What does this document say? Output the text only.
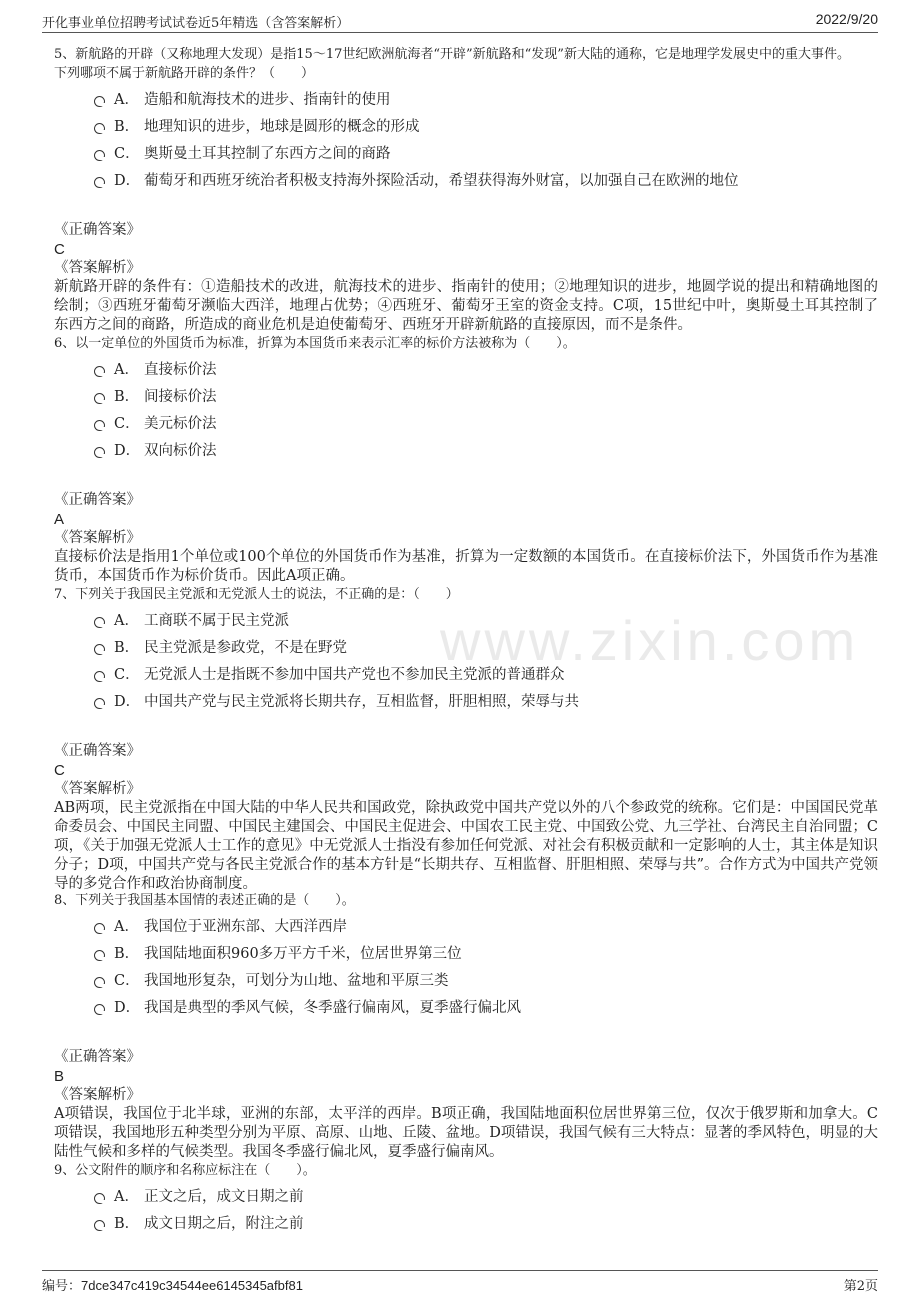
开化事业单位招聘考试试卷近5年精选（含答案解析）	2022/9/20
www.zixin.com
5、新航路的开辟（又称地理大发现）是指15～17世纪欧洲航海者“开辟”新航路和“发现”新大陆的通称，它是地理学发展史中的重大事件。下列哪项不属于新航路开辟的条件？（　　）
A． 造船和航海技术的进步、指南针的使用
B． 地理知识的进步，地球是圆形的概念的形成
C． 奥斯曼土耳其控制了东西方之间的商路
D． 葡萄牙和西班牙统治者积极支持海外探险活动，希望获得海外财富，以加强自己在欧洲的地位
《正确答案》
C
《答案解析》
新航路开辟的条件有：①造船技术的改进，航海技术的进步、指南针的使用；②地理知识的进步，地圆学说的提出和精确地图的绘制；③西班牙葡萄牙濒临大西洋，地理占优势；④西班牙、葡萄牙王室的资金支持。C项，15世纪中叶，奥斯曼土耳其控制了东西方之间的商路，所造成的商业危机是迫使葡萄牙、西班牙开辟新航路的直接原因，而不是条件。
6、以一定单位的外国货币为标准，折算为本国货币来表示汇率的标价方法被称为（　　）。
A． 直接标价法
B． 间接标价法
C． 美元标价法
D． 双向标价法
《正确答案》
A
《答案解析》
直接标价法是指用1个单位或100个单位的外国货币作为基准，折算为一定数额的本国货币。在直接标价法下，外国货币作为基准货币，本国货币作为标价货币。因此A项正确。
7、下列关于我国民主党派和无党派人士的说法，不正确的是：（　　）
A． 工商联不属于民主党派
B． 民主党派是参政党，不是在野党
C． 无党派人士是指既不参加中国共产党也不参加民主党派的普通群众
D． 中国共产党与民主党派将长期共存，互相监督，肝胆相照，荣辱与共
《正确答案》
C
《答案解析》
AB两项，民主党派指在中国大陆的中华人民共和国政党，除执政党中国共产党以外的八个参政党的统称。它们是：中国国民党革命委员会、中国民主同盟、中国民主建国会、中国民主促进会、中国农工民主党、中国致公党、九三学社、台湾民主自治同盟；C项，《关于加强无党派人士工作的意见》中无党派人士指没有参加任何党派、对社会有积极贡献和一定影响的人士，其主体是知识分子；D项，中国共产党与各民主党派合作的基本方针是“长期共存、互相监督、肝胆相照、荣辱与共”。合作方式为中国共产党领导的多党合作和政治协商制度。
8、下列关于我国基本国情的表述正确的是（　　）。
A． 我国位于亚洲东部、大西洋西岸
B． 我国陆地面积960多万平方千米，位居世界第三位
C． 我国地形复杂，可划分为山地、盆地和平原三类
D． 我国是典型的季风气候，冬季盛行偏南风，夏季盛行偏北风
《正确答案》
B
《答案解析》
A项错误，我国位于北半球，亚洲的东部，太平洋的西岸。B项正确，我国陆地面积位居世界第三位，仅次于俄罗斯和加拿大。C项错误，我国地形五种类型分别为平原、高原、山地、丘陵、盆地。D项错误，我国气候有三大特点：显著的季风特色，明显的大陆性气候和多样的气候类型。我国冬季盛行偏北风，夏季盛行偏南风。
9、公文附件的顺序和名称应标注在（　　）。
A． 正文之后，成文日期之前
B． 成文日期之后，附注之前
编号：7dce347c419c34544ee6145345afbf81	第2页
